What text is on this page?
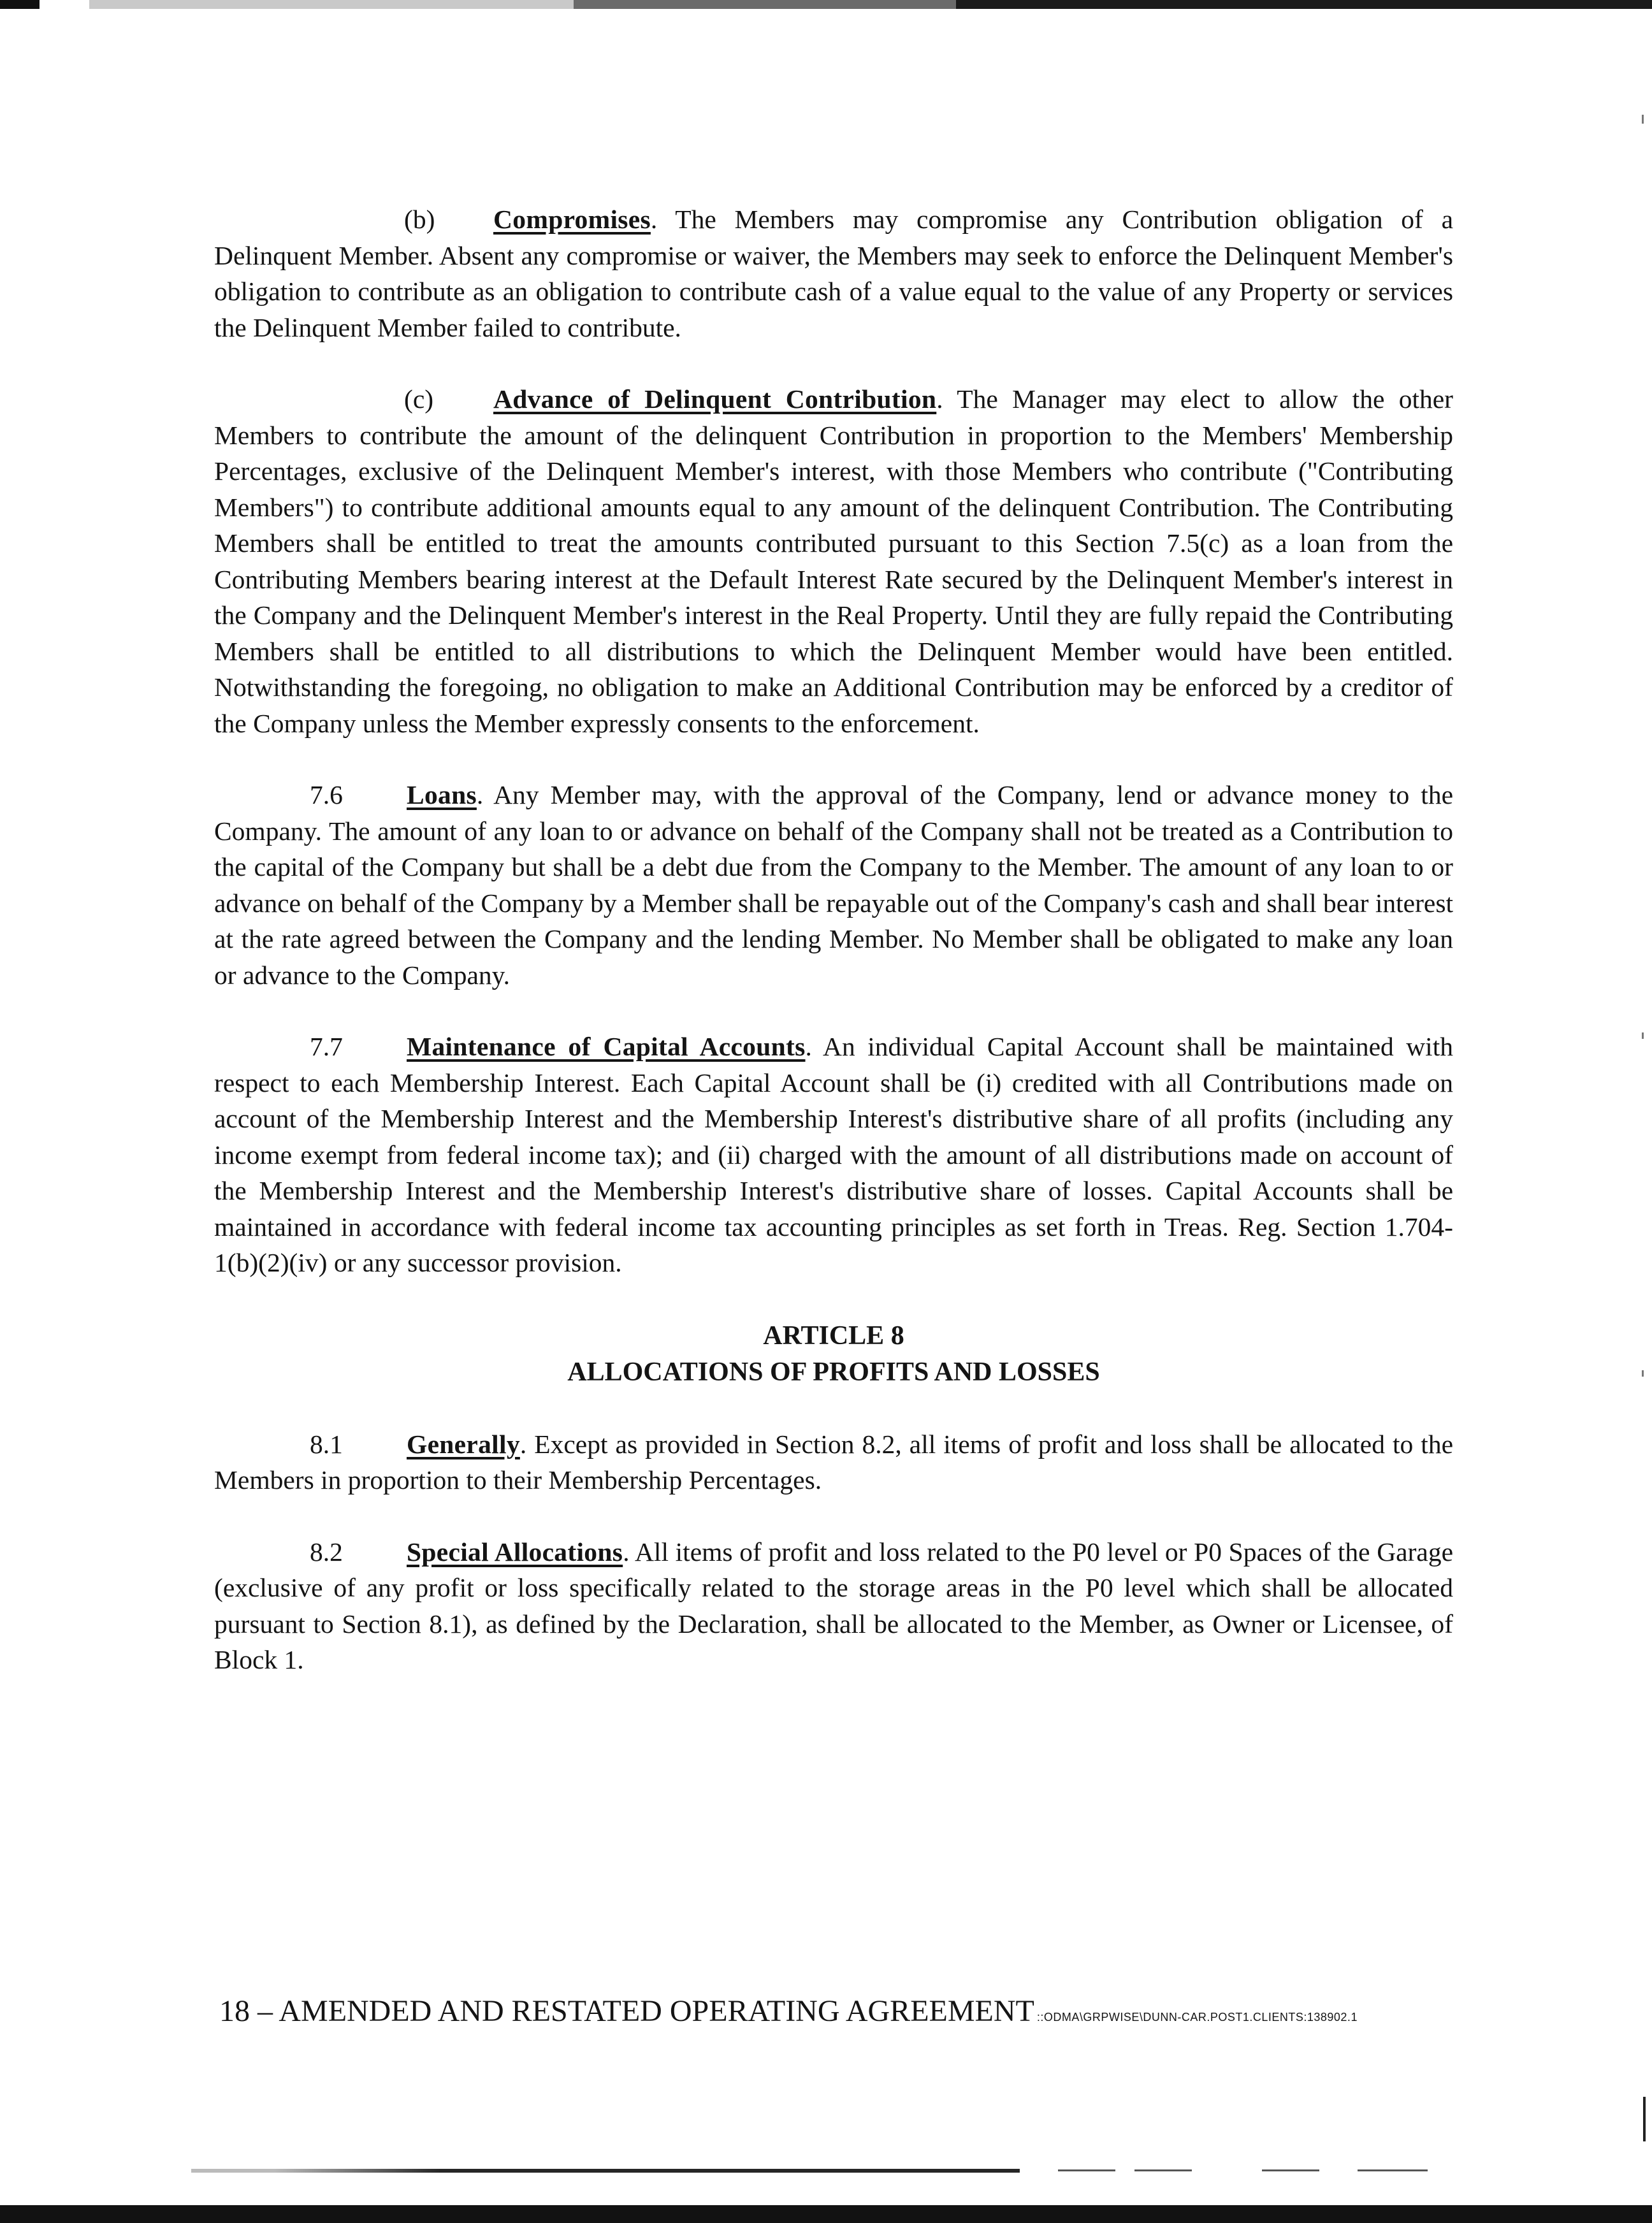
(b) Compromises. The Members may compromise any Contribution obligation of a Delinquent Member. Absent any compromise or waiver, the Members may seek to enforce the Delinquent Member's obligation to contribute as an obligation to contribute cash of a value equal to the value of any Property or services the Delinquent Member failed to contribute.

(c) Advance of Delinquent Contribution. The Manager may elect to allow the other Members to contribute the amount of the delinquent Contribution in proportion to the Members' Membership Percentages, exclusive of the Delinquent Member's interest, with those Members who contribute ("Contributing Members") to contribute additional amounts equal to any amount of the delinquent Contribution. The Contributing Members shall be entitled to treat the amounts contributed pursuant to this Section 7.5(c) as a loan from the Contributing Members bearing interest at the Default Interest Rate secured by the Delinquent Member's interest in the Company and the Delinquent Member's interest in the Real Property. Until they are fully repaid the Contributing Members shall be entitled to all distributions to which the Delinquent Member would have been entitled. Notwithstanding the foregoing, no obligation to make an Additional Contribution may be enforced by a creditor of the Company unless the Member expressly consents to the enforcement.

7.6 Loans. Any Member may, with the approval of the Company, lend or advance money to the Company. The amount of any loan to or advance on behalf of the Company shall not be treated as a Contribution to the capital of the Company but shall be a debt due from the Company to the Member. The amount of any loan to or advance on behalf of the Company by a Member shall be repayable out of the Company's cash and shall bear interest at the rate agreed between the Company and the lending Member. No Member shall be obligated to make any loan or advance to the Company.

7.7 Maintenance of Capital Accounts. An individual Capital Account shall be maintained with respect to each Membership Interest. Each Capital Account shall be (i) credited with all Contributions made on account of the Membership Interest and the Membership Interest's distributive share of all profits (including any income exempt from federal income tax); and (ii) charged with the amount of all distributions made on account of the Membership Interest and the Membership Interest's distributive share of losses. Capital Accounts shall be maintained in accordance with federal income tax accounting principles as set forth in Treas. Reg. Section 1.704-1(b)(2)(iv) or any successor provision.

ARTICLE 8

ALLOCATIONS OF PROFITS AND LOSSES

8.1 Generally. Except as provided in Section 8.2, all items of profit and loss shall be allocated to the Members in proportion to their Membership Percentages.

8.2 Special Allocations. All items of profit and loss related to the P0 level or P0 Spaces of the Garage (exclusive of any profit or loss specifically related to the storage areas in the P0 level which shall be allocated pursuant to Section 8.1), as defined by the Declaration, shall be allocated to the Member, as Owner or Licensee, of Block 1.

18 – AMENDED AND RESTATED OPERATING AGREEMENT ::ODMA\GRPWISE\DUNN-CAR.POST1.CLIENTS:138902.1
